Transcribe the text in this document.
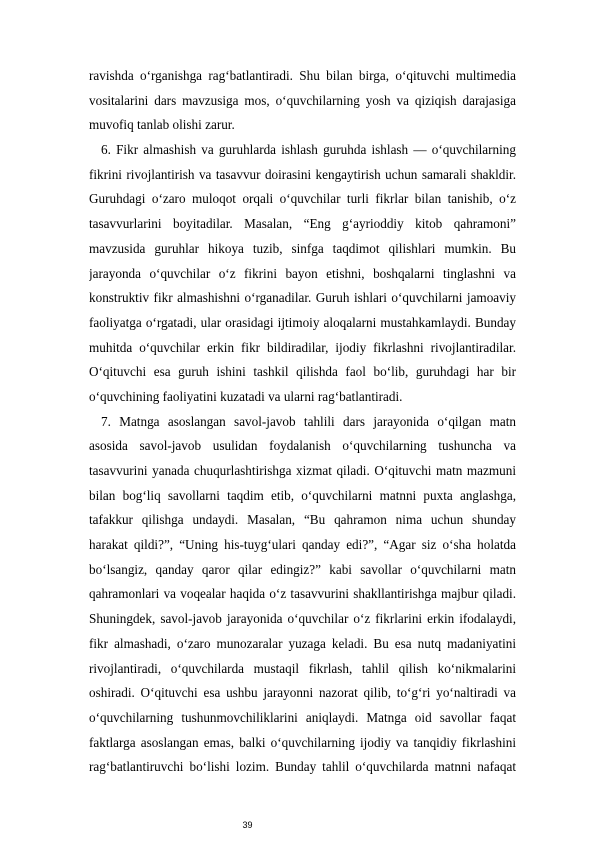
ravishda o‘rganishga rag‘batlantiradi. Shu bilan birga, o‘qituvchi multimedia
vositalarini dars mavzusiga mos, o‘quvchilarning yosh va qiziqish darajasiga
muvofiq tanlab olishi zarur.
6. Fikr almashish va guruhlarda ishlash guruhda ishlash — o‘quvchilarning
fikrini rivojlantirish va tasavvur doirasini kengaytirish uchun samarali shakldir.
Guruhdagi o‘zaro muloqot orqali o‘quvchilar turli fikrlar bilan tanishib, o‘z
tasavvurlarini boyitadilar. Masalan, “Eng g‘ayrioddiy kitob qahramoni”
mavzusida guruhlar hikoya tuzib, sinfga taqdimot qilishlari mumkin. Bu
jarayonda o‘quvchilar o‘z fikrini bayon etishni, boshqalarni tinglashni va
konstruktiv fikr almashishni o‘rganadilar. Guruh ishlari o‘quvchilarni jamoaviy
faoliyatga o‘rgatadi, ular orasidagi ijtimoiy aloqalarni mustahkamlaydi. Bunday
muhitda o‘quvchilar erkin fikr bildiradilar, ijodiy fikrlashni rivojlantiradilar.
O‘qituvchi esa guruh ishini tashkil qilishda faol bo‘lib, guruhdagi har bir
o‘quvchining faoliyatini kuzatadi va ularni rag‘batlantiradi.
7. Matnga asoslangan savol-javob tahlili dars jarayonida o‘qilgan matn
asosida savol-javob usulidan foydalanish o‘quvchilarning tushuncha va
tasavvurini yanada chuqurlashtirishga xizmat qiladi. O‘qituvchi matn mazmuni
bilan bog‘liq savollarni taqdim etib, o‘quvchilarni matnni puxta anglashga,
tafakkur qilishga undaydi. Masalan, “Bu qahramon nima uchun shunday
harakat qildi?”, “Uning his-tuyg‘ulari qanday edi?”, “Agar siz o‘sha holatda
bo‘lsangiz, qanday qaror qilar edingiz?” kabi savollar o‘quvchilarni matn
qahramonlari va voqealar haqida o‘z tasavvurini shakllantirishga majbur qiladi.
Shuningdek, savol-javob jarayonida o‘quvchilar o‘z fikrlarini erkin ifodalaydi,
fikr almashadi, o‘zaro munozaralar yuzaga keladi. Bu esa nutq madaniyatini
rivojlantiradi, o‘quvchilarda mustaqil fikrlash, tahlil qilish ko‘nikmalarini
oshiradi. O‘qituvchi esa ushbu jarayonni nazorat qilib, to‘g‘ri yo‘naltiradi va
o‘quvchilarning tushunmovchiliklarini aniqlaydi. Matnga oid savollar faqat
faktlarga asoslangan emas, balki o‘quvchilarning ijodiy va tanqidiy fikrlashini
rag‘batlantiruvchi bo‘lishi lozim. Bunday tahlil o‘quvchilarda matnni nafaqat
39
